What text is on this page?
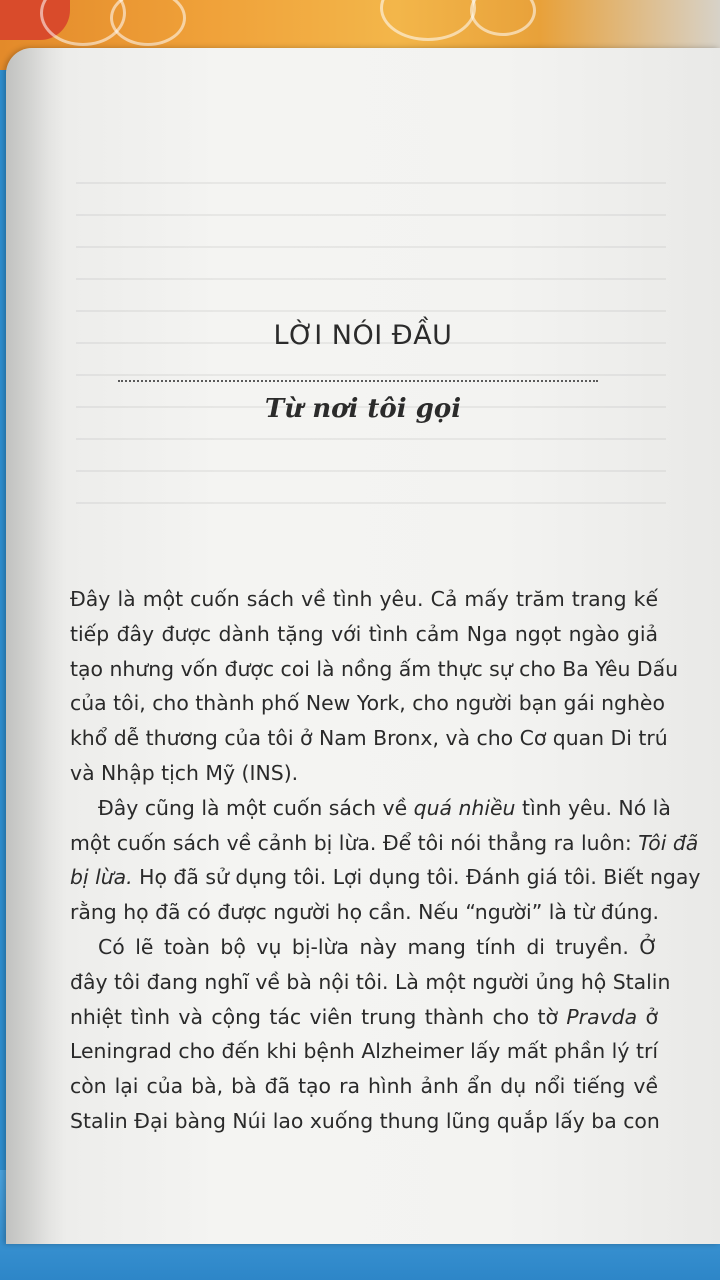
LỜI NÓI ĐẦU
Từ nơi tôi gọi

Đây là một cuốn sách về tình yêu. Cả mấy trăm trang kế
tiếp đây được dành tặng với tình cảm Nga ngọt ngào giả
tạo nhưng vốn được coi là nồng ấm thực sự cho Ba Yêu Dấu
của tôi, cho thành phố New York, cho người bạn gái nghèo
khổ dễ thương của tôi ở Nam Bronx, và cho Cơ quan Di trú
và Nhập tịch Mỹ (INS).

Đây cũng là một cuốn sách về quá nhiều tình yêu. Nó là
một cuốn sách về cảnh bị lừa. Để tôi nói thẳng ra luôn: Tôi đã
bị lừa. Họ đã sử dụng tôi. Lợi dụng tôi. Đánh giá tôi. Biết ngay
rằng họ đã có được người họ cần. Nếu “người” là từ đúng.

Có lẽ toàn bộ vụ bị-lừa này mang tính di truyền. Ở
đây tôi đang nghĩ về bà nội tôi. Là một người ủng hộ Stalin
nhiệt tình và cộng tác viên trung thành cho tờ Pravda ở
Leningrad cho đến khi bệnh Alzheimer lấy mất phần lý trí
còn lại của bà, bà đã tạo ra hình ảnh ẩn dụ nổi tiếng về
Stalin Đại bàng Núi lao xuống thung lũng quắp lấy ba con
